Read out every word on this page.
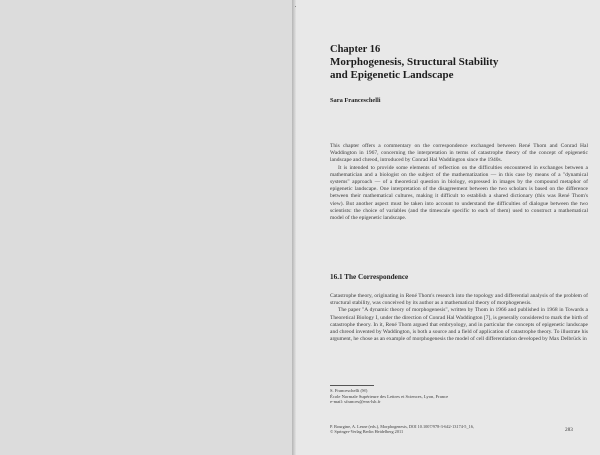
Chapter 16
Morphogenesis, Structural Stability
and Epigenetic Landscape
Sara Franceschelli

This chapter offers a commentary on the correspondence exchanged between René Thom and Conrad Hal Waddington in 1967, concerning the interpretation in terms of catastrophe theory of the concept of epigenetic landscape and chreod, introduced by Conrad Hal Waddington since the 1940s.

It is intended to provide some elements of reflection on the difficulties encountered in exchanges between a mathematician and a biologist on the subject of the mathematization — in this case by means of a "dynamical systems" approach — of a theoretical question in biology, expressed in images by the compound metaphor of epigenetic landscape. One interpretation of the disagreement between the two scholars is based on the difference between their mathematical cultures, making it difficult to establish a shared dictionary (this was René Thom's view). But another aspect must be taken into account to understand the difficulties of dialogue between the two scientists: the choice of variables (and the timescale specific to each of them) used to construct a mathematical model of the epigenetic landscape.

16.1 The Correspondence

Catastrophe theory, originating in René Thom's research into the topology and differential analysis of the problem of structural stability, was conceived by its author as a mathematical theory of morphogenesis.

The paper "A dynamic theory of morphogenesis", written by Thom in 1966 and published in 1968 in Towards a Theoretical Biology I, under the direction of Conrad Hal Waddington [7], is generally considered to mark the birth of catastrophe theory. In it, René Thom argued that embryology, and in particular the concepts of epigenetic landscape and chreod invented by Waddington, is both a source and a field of application of catastrophe theory. To illustrate his argument, he chose as an example of morphogenesis the model of cell differentiation developed by Max Delbrück in

S. Franceschelli (✉)
École Normale Supérieure des Lettres et Sciences, Lyon, France
e-mail: sfrances@ens-lsh.fr
P. Bourgine, A. Lesne (eds.), Morphogenesis, DOI 10.1007/978-3-642-13174-5_16,
© Springer-Verlag Berlin Heidelberg 2011	283
